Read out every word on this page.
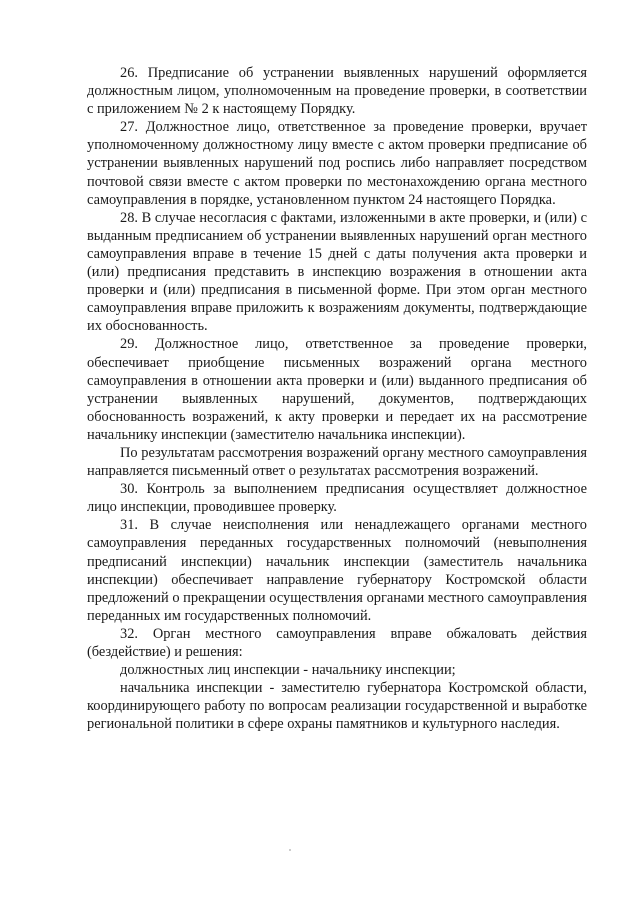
26. Предписание об устранении выявленных нарушений оформляется должностным лицом, уполномоченным на проведение проверки, в соответствии с приложением № 2 к настоящему Порядку.

27. Должностное лицо, ответственное за проведение проверки, вручает уполномоченному должностному лицу вместе с актом проверки предписание об устранении выявленных нарушений под роспись либо направляет посредством почтовой связи вместе с актом проверки по местонахождению органа местного самоуправления в порядке, установленном пунктом 24 настоящего Порядка.

28. В случае несогласия с фактами, изложенными в акте проверки, и (или) с выданным предписанием об устранении выявленных нарушений орган местного самоуправления вправе в течение 15 дней с даты получения акта проверки и (или) предписания представить в инспекцию возражения в отношении акта проверки и (или) предписания в письменной форме. При этом орган местного самоуправления вправе приложить к возражениям документы, подтверждающие их обоснованность.

29. Должностное лицо, ответственное за проведение проверки, обеспечивает приобщение письменных возражений органа местного самоуправления в отношении акта проверки и (или) выданного предписания об устранении выявленных нарушений, документов, подтверждающих обоснованность возражений, к акту проверки и передает их на рассмотрение начальнику инспекции (заместителю начальника инспекции).

По результатам рассмотрения возражений органу местного самоуправления направляется письменный ответ о результатах рассмотрения возражений.

30. Контроль за выполнением предписания осуществляет должностное лицо инспекции, проводившее проверку.

31. В случае неисполнения или ненадлежащего органами местного самоуправления переданных государственных полномочий (невыполнения предписаний инспекции) начальник инспекции (заместитель начальника инспекции) обеспечивает направление губернатору Костромской области предложений о прекращении осуществления органами местного самоуправления переданных им государственных полномочий.

32. Орган местного самоуправления вправе обжаловать действия (бездействие) и решения:

должностных лиц инспекции - начальнику инспекции;

начальника инспекции - заместителю губернатора Костромской области, координирующего работу по вопросам реализации государственной и выработке региональной политики в сфере охраны памятников и культурного наследия.
